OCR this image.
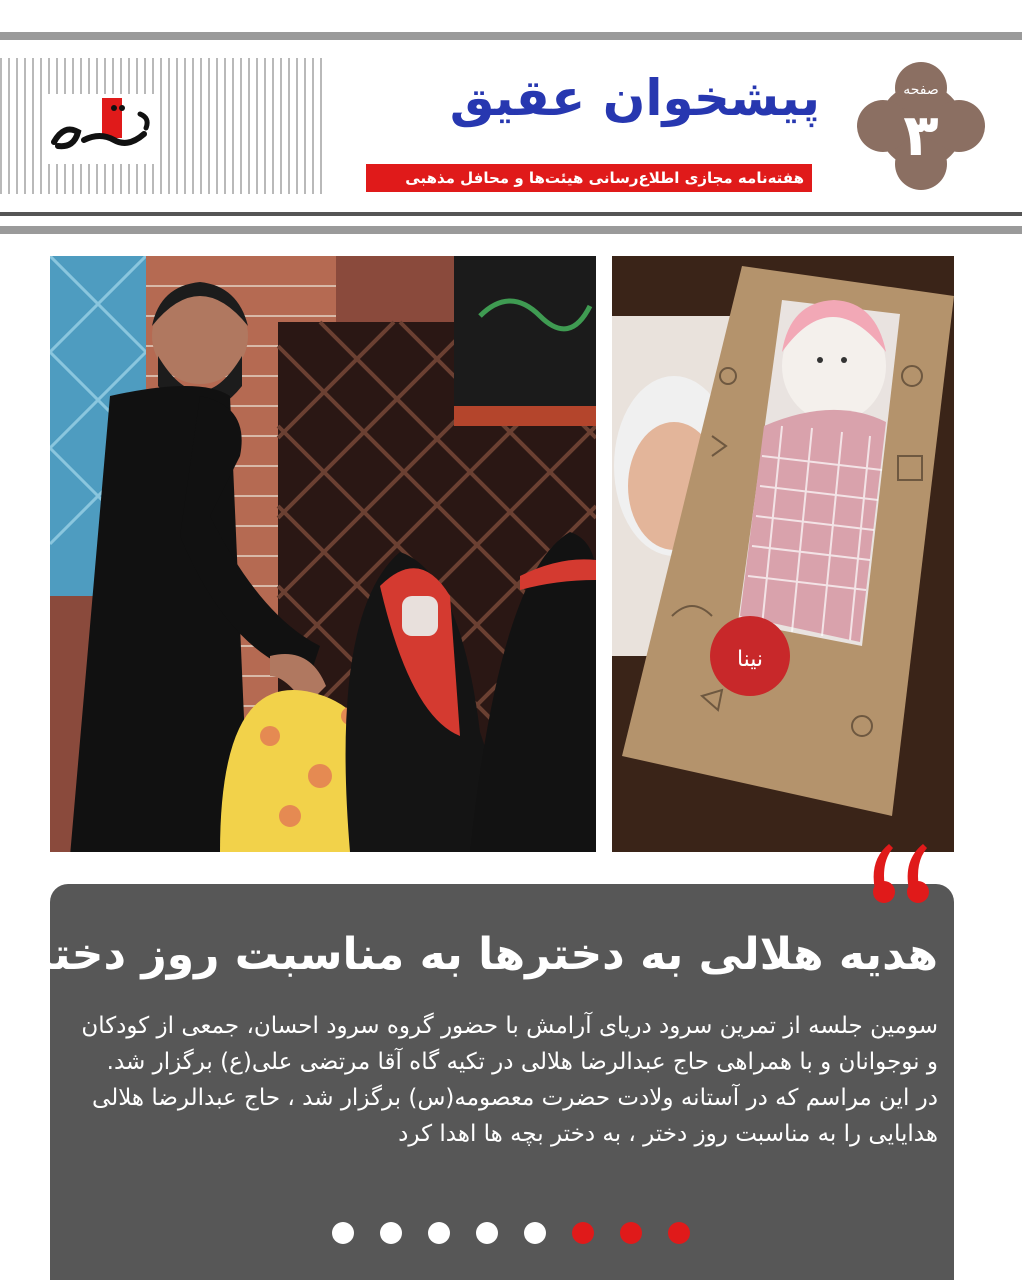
پیشخوان عقیق
هفته‌نامه مجازی اطلاع‌رسانی هیئت‌ها و محافل مذهبی
صفحه
۳
نینا
هدیه هلالی به دخترها به مناسبت روز دختر

سومین جلسه از تمرین سرود دریای آرامش با حضور گروه سرود احسان، جمعی از کودکان و نوجوانان و با همراهی حاج عبدالرضا هلالی در تکیه گاه آقا مرتضی علی(ع) برگزار شد.

در این مراسم که در آستانه ولادت حضرت معصومه(س) برگزار شد ، حاج عبدالرضا هلالی هدایایی را به مناسبت روز دختر ، به دختر بچه ها اهدا کرد
